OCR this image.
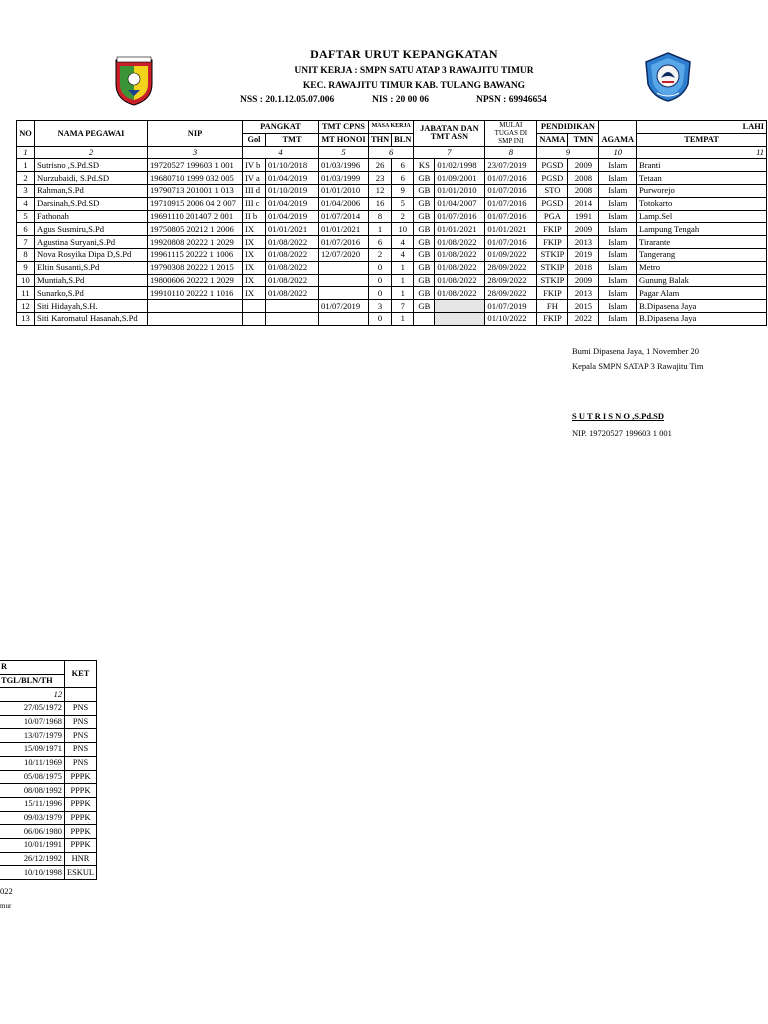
DAFTAR URUT KEPANGKATAN
UNIT KERJA : SMPN SATU ATAP 3 RAWAJITU TIMUR
KEC. RAWAJITU TIMUR KAB. TULANG BAWANG
NSS : 20.1.12.05.07.006	NIS : 20 00 06	NPSN : 69946654
NO	NAMA PEGAWAI	NIP	PANGKAT		TMT CPNS	MASA KERJA		JABATAN DAN TMT ASN		MULAI TUGAS DI SMP INI	PENDIDIKAN			LAHI
			Gol	TMT	MT HONOI	THN	BLN				NAMA	TMN	AGAMA	TEMPAT
1	2	3	4		5	6		7		8	9		10	11
1	Sutrisno ,S.Pd.SD	19720527 199603 1 001	IV b	01/10/2018	01/03/1996	26	6	KS	01/02/1998	23/07/2019	PGSD	2009	Islam	Branti
2	Nurzubaidi, S.Pd.SD	19680710 1999 032 005	IV a	01/04/2019	01/03/1999	23	6	GB	01/09/2001	01/07/2016	PGSD	2008	Islam	Tetaan
3	Rahman,S.Pd	19790713 201001 1 013	III d	01/10/2019	01/01/2010	12	9	GB	01/01/2010	01/07/2016	STO	2008	Islam	Purworejo
4	Darsinah,S.Pd.SD	19710915 2006 04 2 007	III c	01/04/2019	01/04/2006	16	5	GB	01/04/2007	01/07/2016	PGSD	2014	Islam	Totokarto
5	Fathonah	19691110 201407 2 001	II b	01/04/2019	01/07/2014	8	2	GB	01/07/2016	01/07/2016	PGA	1991	Islam	Lamp.Sel
6	Agus Susmiru,S.Pd	19750805 20212 1 2006	IX	01/01/2021	01/01/2021	1	10	GB	01/01/2021	01/01/2021	FKIP	2009	Islam	Lampung Tengah
7	Agustina Suryani,S.Pd	19920808 20222 1 2029	IX	01/08/2022	01/07/2016	6	4	GB	01/08/2022	01/07/2016	FKIP	2013	Islam	Tirarante
8	Nova Rosyika Dipa D,S.Pd	19961115 20222 1 1006	IX	01/08/2022	12/07/2020	2	4	GB	01/08/2022	01/09/2022	STKIP	2019	Islam	Tangerang
9	Eltin Susanti,S.Pd	19790308 20222 1 2015	IX	01/08/2022		0	1	GB	01/08/2022	28/09/2022	STKIP	2018	Islam	Metro
10	Muntiah,S.Pd	19800606 20222 1 2029	IX	01/08/2022		0	1	GB	01/08/2022	28/09/2022	STKIP	2009	Islam	Gunung Balak
11	Sunarko,S.Pd	19910110 20222 1 1016	IX	01/08/2022		0	1	GB	01/08/2022	28/09/2022	FKIP	2013	Islam	Pagar Alam
12	Siti Hidayah,S.H.				01/07/2019	3	7	GB		01/07/2019	FH	2015	Islam	B.Dipasena Jaya
13	Siti Karomatul Hasanah,S.Pd					0	1			01/10/2022	FKIP	2022	Islam	B.Dipasena Jaya
Bumi Dipasena Jaya, 1 November 20
Kepala SMPN SATAP 3 Rawajitu Tim
S U T R I S N O ,S.Pd.SD
NIP. 19720527 199603 1 001
R	KET
TGL/BLN/TH	
12	
27/05/1972	PNS
10/07/1968	PNS
13/07/1979	PNS
15/09/1971	PNS
10/11/1969	PNS
05/08/1975	PPPK
08/08/1992	PPPK
15/11/1996	PPPK
09/03/1979	PPPK
06/06/1980	PPPK
10/01/1991	PPPK
26/12/1992	HNR
10/10/1998	ESKUL
022
mur
